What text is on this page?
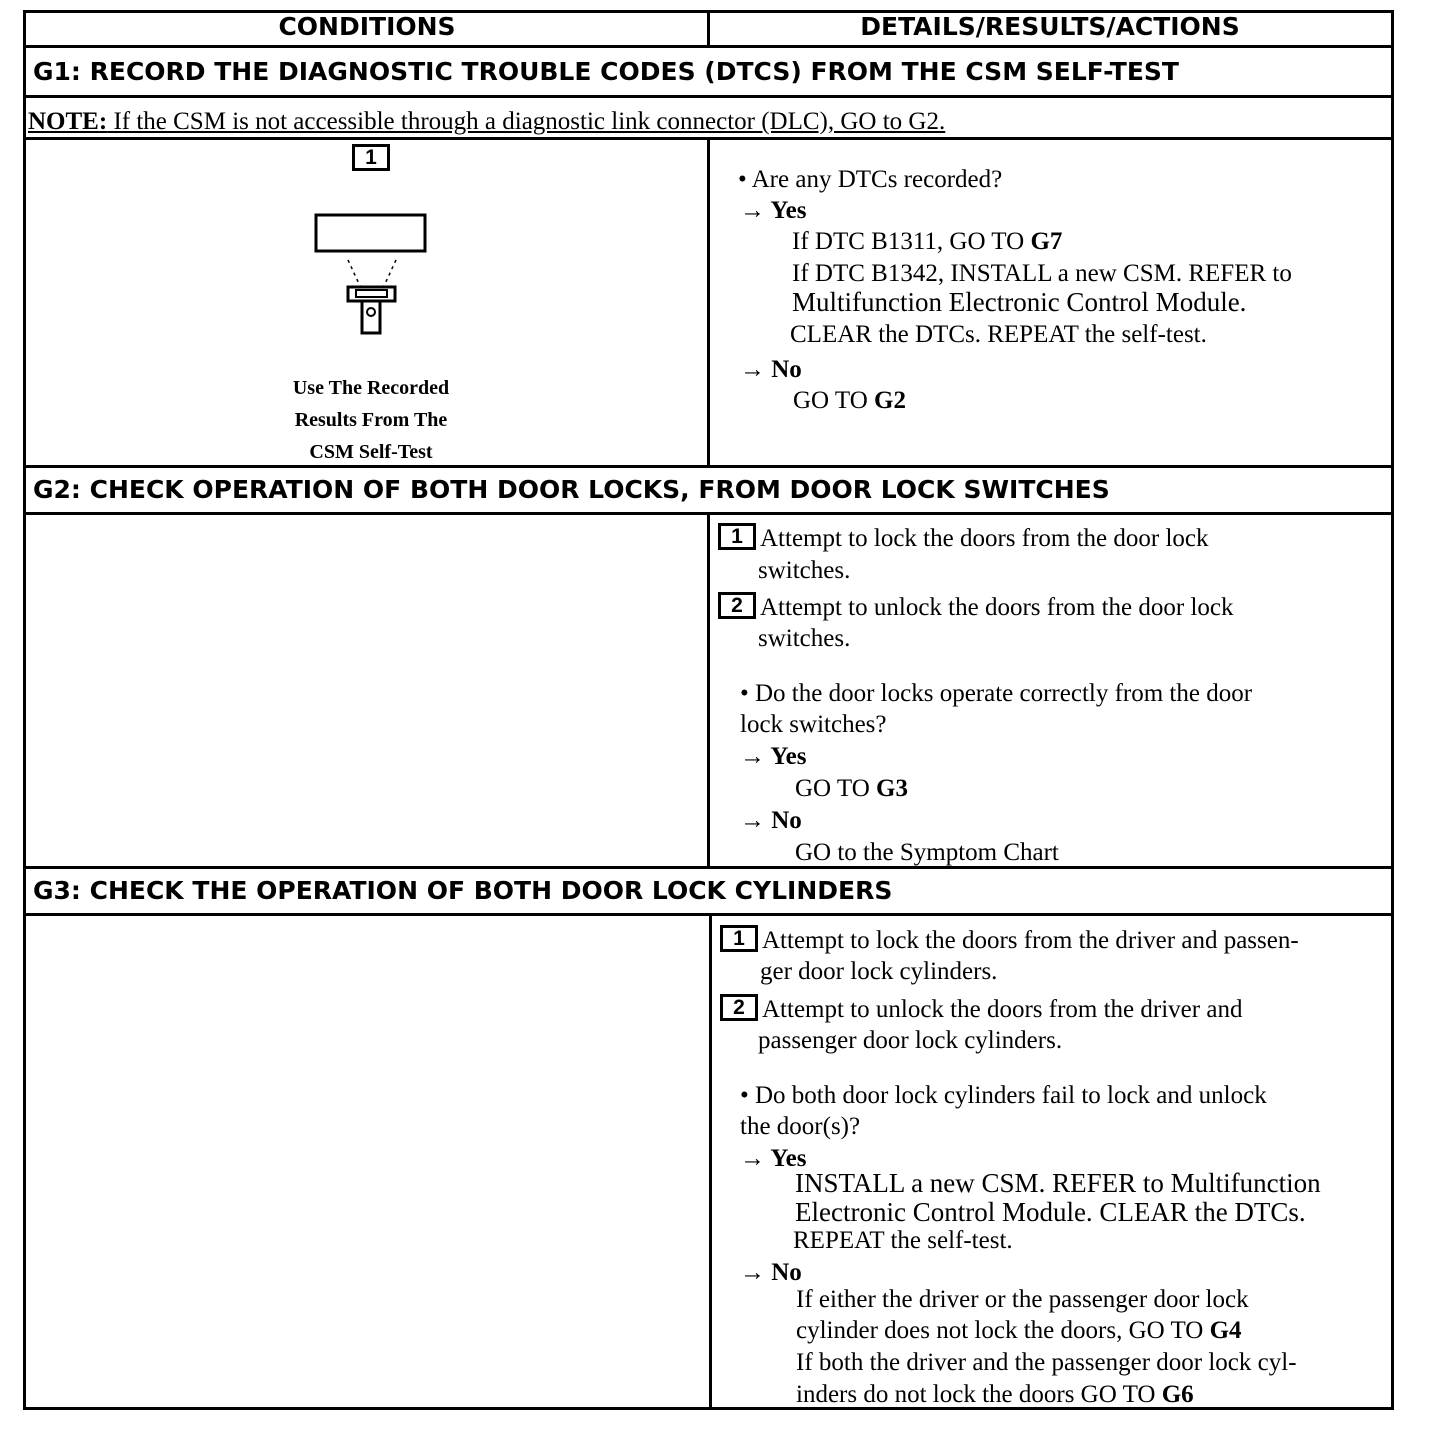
CONDITIONS	DETAILS/RESULTS/ACTIONS
G1: RECORD THE DIAGNOSTIC TROUBLE CODES (DTCS) FROM THE CSM SELF-TEST
NOTE: If the CSM is not accessible through a diagnostic link connector (DLC), GO to G2.
1
Use The Recorded
Results From The
CSM Self-Test
• Are any DTCs recorded?
→ Yes
If DTC B1311, GO TO G7
If DTC B1342, INSTALL a new CSM. REFER to
Multifunction Electronic Control Module.
CLEAR the DTCs. REPEAT the self-test.
→ No
GO TO G2
G2: CHECK OPERATION OF BOTH DOOR LOCKS, FROM DOOR LOCK SWITCHES
1 Attempt to lock the doors from the door lock
switches.
2 Attempt to unlock the doors from the door lock
switches.
• Do the door locks operate correctly from the door
lock switches?
→ Yes
GO TO G3
→ No
GO to the Symptom Chart
G3: CHECK THE OPERATION OF BOTH DOOR LOCK CYLINDERS
1 Attempt to lock the doors from the driver and passen-
ger door lock cylinders.
2 Attempt to unlock the doors from the driver and
passenger door lock cylinders.
• Do both door lock cylinders fail to lock and unlock
the door(s)?
→ Yes
INSTALL a new CSM. REFER to Multifunction
Electronic Control Module. CLEAR the DTCs.
REPEAT the self-test.
→ No
If either the driver or the passenger door lock
cylinder does not lock the doors, GO TO G4
If both the driver and the passenger door lock cyl-
inders do not lock the doors GO TO G6
